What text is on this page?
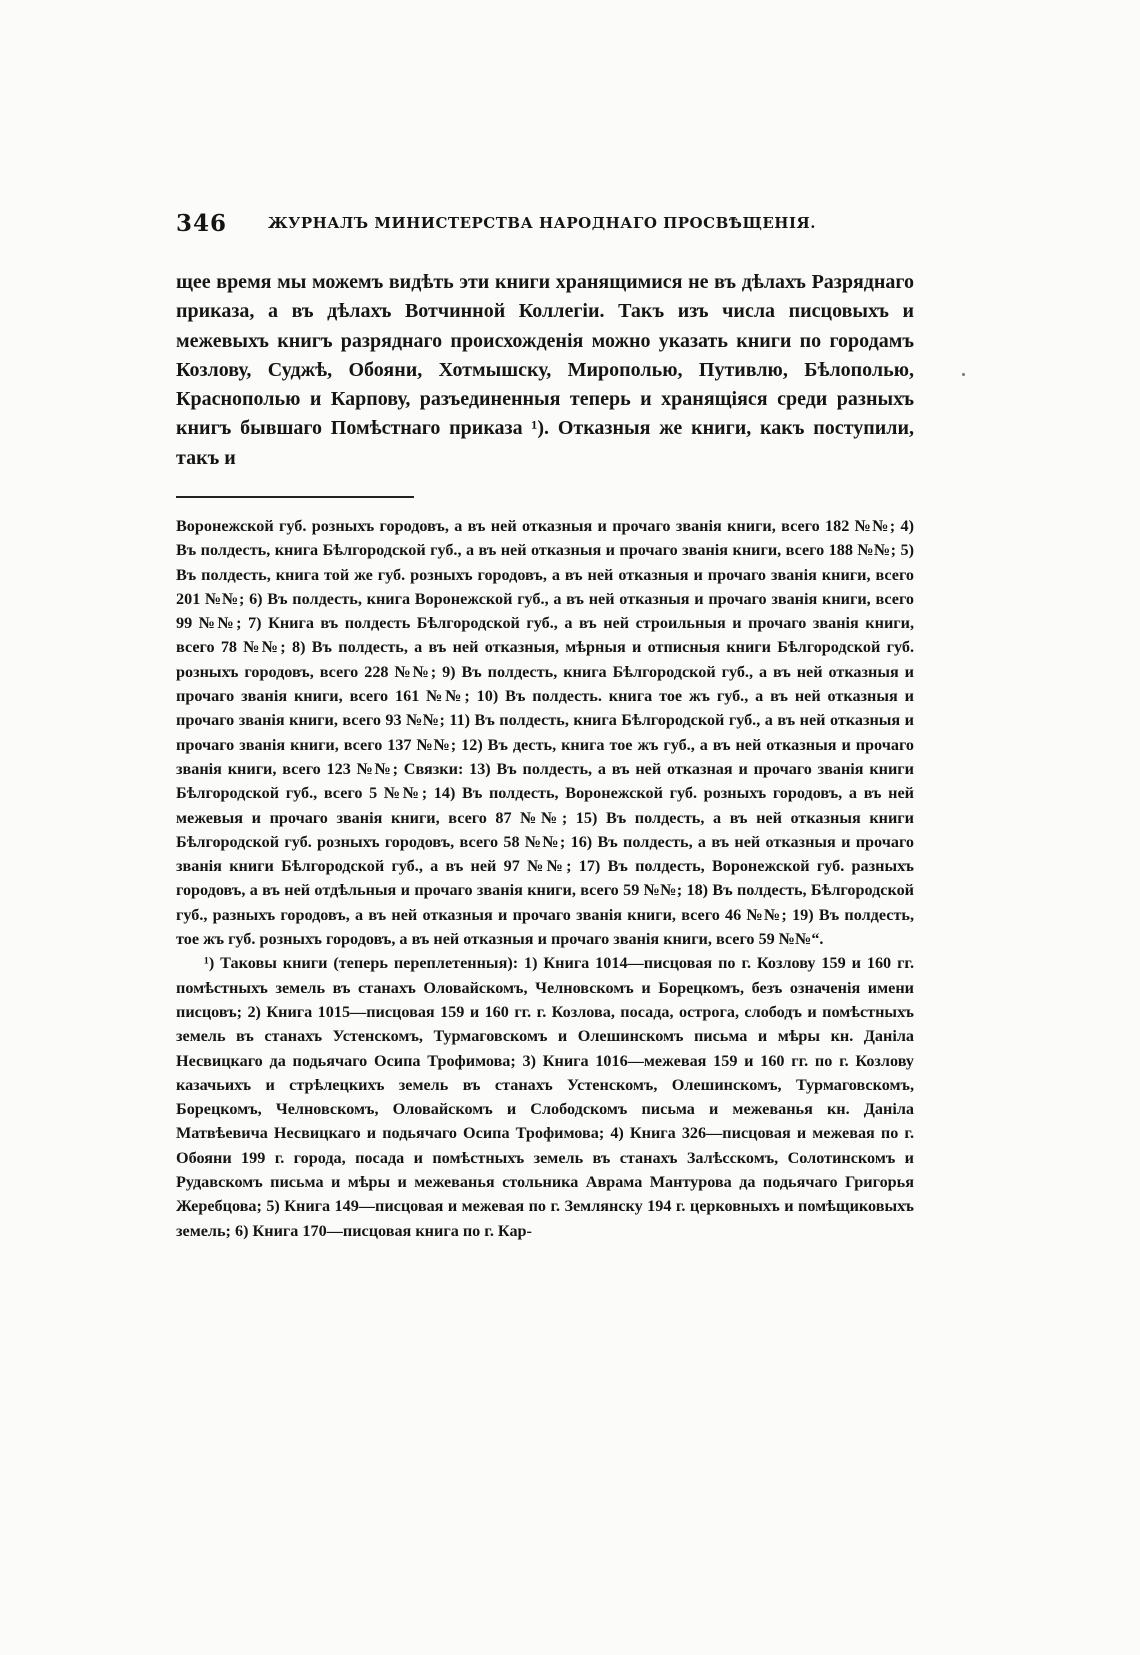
346	ЖУРНАЛЪ МИНИСТЕРСТВА НАРОДНАГО ПРОСВѢЩЕНІЯ.

щее время мы можемъ видѣть эти книги хранящимися не въ дѣлахъ Разряднаго приказа, а въ дѣлахъ Вотчинной Коллегіи. Такъ изъ числа писцовыхъ и межевыхъ книгъ разряднаго происхожденія можно указать книги по городамъ Козлову, Суджѣ, Обояни, Хотмышску, Мирополью, Путивлю, Бѣлополью, Краснополью и Карпову, разъединенныя теперь и хранящіяся среди разныхъ книгъ бывшаго Помѣстнаго приказа ¹). Отказныя же книги, какъ поступили, такъ и

Воронежской губ. розныхъ городовъ, а въ ней отказныя и прочаго званія книги, всего 182 №№; 4) Въ полдесть, книга Бѣлгородской губ., а въ ней отказныя и прочаго званія книги, всего 188 №№; 5) Въ полдесть, книга той же губ. розныхъ городовъ, а въ ней отказныя и прочаго званія книги, всего 201 №№; 6) Въ полдесть, книга Воронежской губ., а въ ней отказныя и прочаго званія книги, всего 99 №№; 7) Книга въ полдесть Бѣлгородской губ., а въ ней строильныя и прочаго званія книги, всего 78 №№; 8) Въ полдесть, а въ ней отказныя, мѣрныя и отписныя книги Бѣлгородской губ. розныхъ городовъ, всего 228 №№; 9) Въ полдесть, книга Бѣлгородской губ., а въ ней отказныя и прочаго званія книги, всего 161 №№; 10) Въ полдесть. книга тое жъ губ., а въ ней отказныя и прочаго званія книги, всего 93 №№; 11) Въ полдесть, книга Бѣлгородской губ., а въ ней отказныя и прочаго званія книги, всего 137 №№; 12) Въ десть, книга тое жъ губ., а въ ней отказныя и прочаго званія книги, всего 123 №№; Связки: 13) Въ полдесть, а въ ней отказная и прочаго званія книги Бѣлгородской губ., всего 5 №№; 14) Въ полдесть, Воронежской губ. розныхъ городовъ, а въ ней межевыя и прочаго званія книги, всего 87 №№; 15) Въ полдесть, а въ ней отказныя книги Бѣлгородской губ. розныхъ городовъ, всего 58 №№; 16) Въ полдесть, а въ ней отказныя и прочаго званія книги Бѣлгородской губ., а въ ней 97 №№; 17) Въ полдесть, Воронежской губ. разныхъ городовъ, а въ ней отдѣльныя и прочаго званія книги, всего 59 №№; 18) Въ полдесть, Бѣлгородской губ., разныхъ городовъ, а въ ней отказныя и прочаго званія книги, всего 46 №№; 19) Въ полдесть, тое жъ губ. розныхъ городовъ, а въ ней отказныя и прочаго званія книги, всего 59 №№“.

¹) Таковы книги (теперь переплетенныя): 1) Книга 1014—писцовая по г. Козлову 159 и 160 гг. помѣстныхъ земель въ станахъ Оловайскомъ, Челновскомъ и Борецкомъ, безъ означенія имени писцовъ; 2) Книга 1015—писцовая 159 и 160 гг. г. Козлова, посада, острога, слободъ и помѣстныхъ земель въ станахъ Устенскомъ, Турмаговскомъ и Олешинскомъ письма и мѣры кн. Даніла Несвицкаго да подьячаго Осипа Трофимова; 3) Книга 1016—межевая 159 и 160 гг. по г. Козлову казачьихъ и стрѣлецкихъ земель въ станахъ Устенскомъ, Олешинскомъ, Турмаговскомъ, Борецкомъ, Челновскомъ, Оловайскомъ и Слободскомъ письма и межеванья кн. Даніла Матвѣевича Несвицкаго и подьячаго Осипа Трофимова; 4) Книга 326—писцовая и межевая по г. Обояни 199 г. города, посада и помѣстныхъ земель въ станахъ Залѣсскомъ, Солотинскомъ и Рудавскомъ письма и мѣры и межеванья стольника Аврама Мантурова да подьячаго Григорья Жеребцова; 5) Книга 149—писцовая и межевая по г. Землянску 194 г. церковныхъ и помѣщиковыхъ земель; 6) Книга 170—писцовая книга по г. Кар-
